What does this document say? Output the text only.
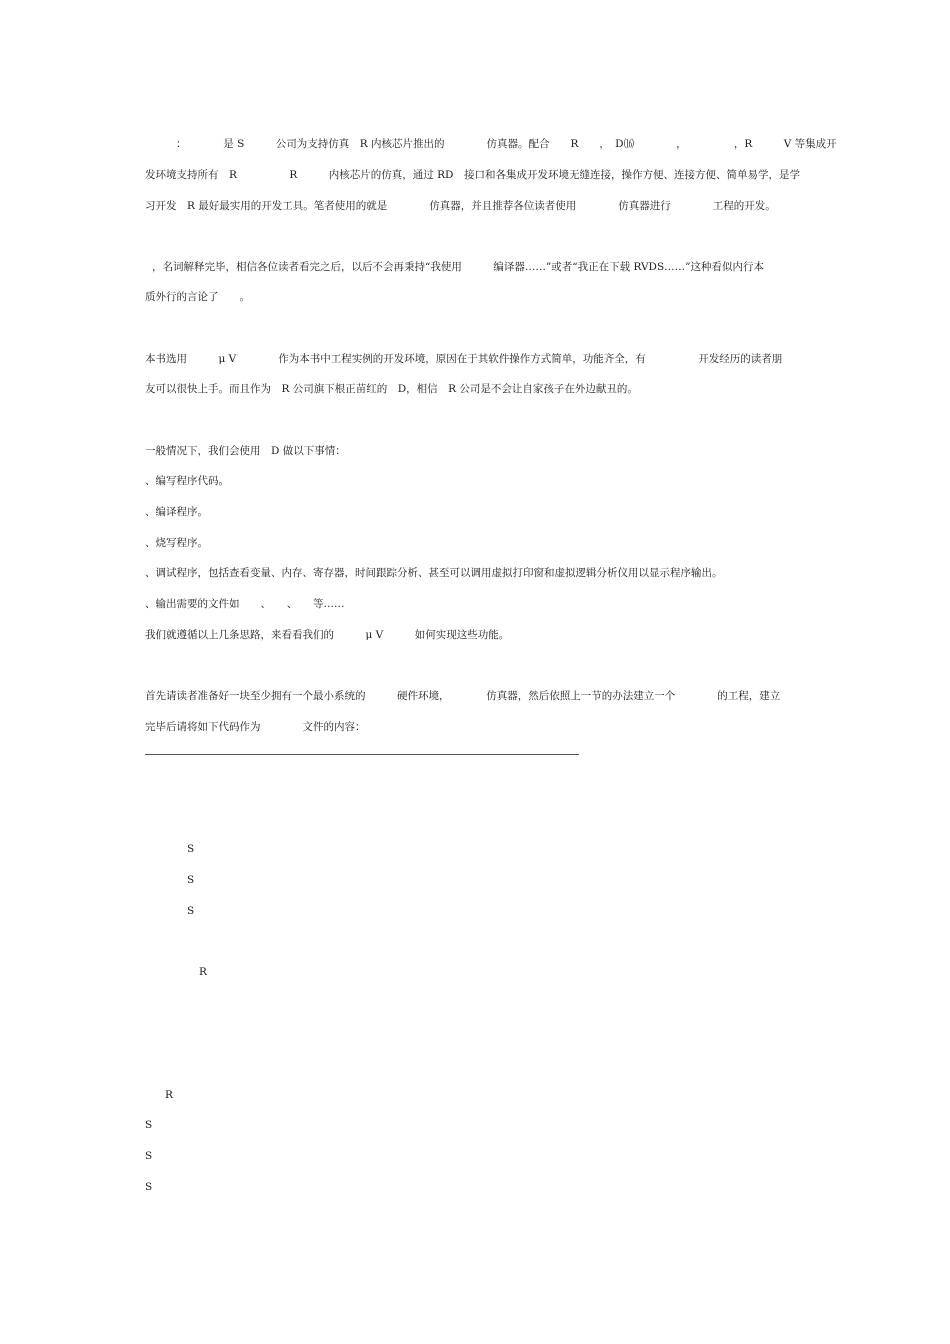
：　　　　是 S　　　公司为支持仿真　R 内核芯片推出的　　　　仿真器。配合　　R　　，　D⒃　　　　，　　　　　，R　　　V 等集成开
发环境支持所有　R　　　　　R　　　内核芯片的仿真，通过 RD　接口和各集成开发环境无缝连接，操作方便、连接方便、简单易学，是学
习开发　R 最好最实用的开发工具。笔者使用的就是　　　　仿真器，并且推荐各位读者使用　　　　仿真器进行　　　　工程的开发。
，名词解释完毕，相信各位读者看完之后，以后不会再秉持“我使用　　　编译器……”或者“我正在下载 RVDS……”这种看似内行本
质外行的言论了　　。
本书选用　　　μ V　　　　作为本书中工程实例的开发环境，原因在于其软件操作方式简单，功能齐全，有　　　　　开发经历的读者朋
友可以很快上手。而且作为　R 公司旗下根正苗红的　D，相信　R 公司是不会让自家孩子在外边献丑的。
一般情况下，我们会使用　D 做以下事情：
、编写程序代码。
、编译程序。
、烧写程序。
、调试程序，包括查看变量、内存、寄存器，时间跟踪分析、甚至可以调用虚拟打印窗和虚拟逻辑分析仪用以显示程序输出。
、输出需要的文件如　　、　　、　　等……
我们就遵循以上几条思路，来看看我们的　　　μ V　　　如何实现这些功能。
首先请读者准备好一块至少拥有一个最小系统的　　　硬件环境，　　　　仿真器，然后依照上一节的办法建立一个　　　　的工程，建立
完毕后请将如下代码作为　　　　文件的内容：
S
S
S
R
R
S
S
S
